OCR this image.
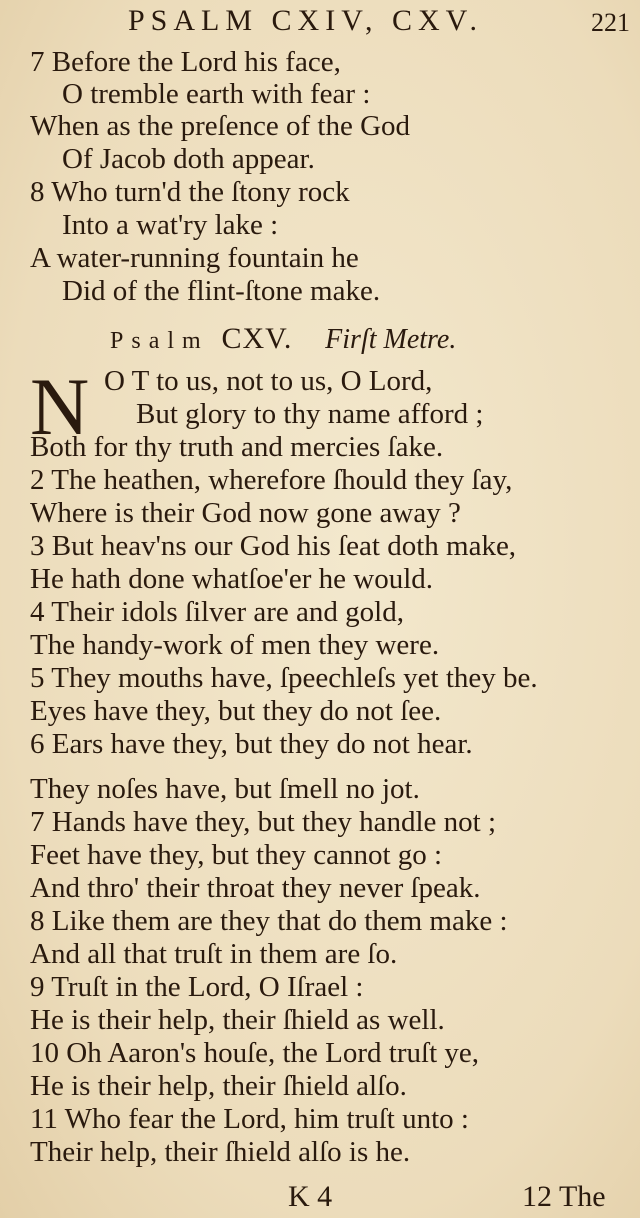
PSALM CXIV, CXV.	221
7 Before the Lord his face,
O tremble earth with fear :
When as the preſence of the God
Of Jacob doth appear.
8 Who turn'd the ſtony rock
Into a wat'ry lake :
A water-running fountain he
Did of the flint-ſtone make.
Psalm CXV. Firſt Metre.
N O T to us, not to us, O Lord,
But glory to thy name afford ;
Both for thy truth and mercies ſake.
2 The heathen, wherefore ſhould they ſay,
Where is their God now gone away ?
3 But heav'ns our God his ſeat doth make,
He hath done whatſoe'er he would.
4 Their idols ſilver are and gold,
The handy-work of men they were.
5 They mouths have, ſpeechleſs yet they be.
Eyes have they, but they do not ſee.
6 Ears have they, but they do not hear.
They noſes have, but ſmell no jot.
7 Hands have they, but they handle not ;
Feet have they, but they cannot go :
And thro' their throat they never ſpeak.
8 Like them are they that do them make :
And all that truſt in them are ſo.
9 Truſt in the Lord, O Iſrael :
He is their help, their ſhield as well.
10 Oh Aaron's houſe, the Lord truſt ye,
He is their help, their ſhield alſo.
11 Who fear the Lord, him truſt unto :
Their help, their ſhield alſo is he.
K 4	12 The
